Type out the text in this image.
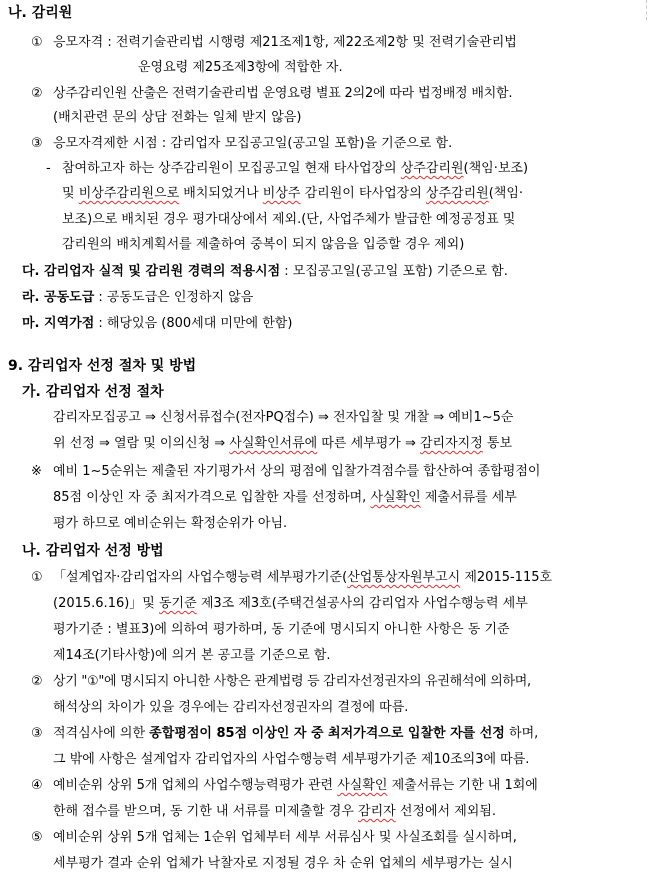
나. 감리원
① 응모자격 : 전력기술관리법 시행령 제21조제1항, 제22조제2항 및 전력기술관리법
운영요령 제25조제3항에 적합한 자.
② 상주감리인원 산출은 전력기술관리법 운영요령 별표 2의2에 따라 법정배정 배치함.
(배치관련 문의 상담 전화는 일체 받지 않음)
③ 응모자격제한 시점 : 감리업자 모집공고일(공고일 포함)을 기준으로 함.
- 참여하고자 하는 상주감리원이 모집공고일 현재 타사업장의 상주감리원(책임·보조)
및 비상주감리원으로 배치되었거나 비상주 감리원이 타사업장의 상주감리원(책임·
보조)으로 배치된 경우 평가대상에서 제외.(단, 사업주체가 발급한 예정공정표 및
감리원의 배치계획서를 제출하여 중복이 되지 않음을 입증할 경우 제외)
다. 감리업자 실적 및 감리원 경력의 적용시점 : 모집공고일(공고일 포함) 기준으로 함.
라. 공동도급 : 공동도급은 인정하지 않음
마. 지역가점 : 해당있음 (800세대 미만에 한함)
9. 감리업자 선정 절차 및 방법
가. 감리업자 선정 절차
감리자모집공고 ⇒ 신청서류접수(전자PQ접수) ⇒ 전자입찰 및 개찰 ⇒ 예비1~5순
위 선정 ⇒ 열람 및 이의신청 ⇒ 사실확인서류에 따른 세부평가 ⇒ 감리자지정 통보
※ 예비 1~5순위는 제출된 자기평가서 상의 평점에 입찰가격점수를 합산하여 종합평점이
85점 이상인 자 중 최저가격으로 입찰한 자를 선정하며, 사실확인 제출서류를 세부
평가 하므로 예비순위는 확정순위가 아님.
나. 감리업자 선정 방법
① 「설계업자·감리업자의 사업수행능력 세부평가기준(산업통상자원부고시 제2015-115호
(2015.6.16)」및 동기준 제3조 제3호(주택건설공사의 감리업자 사업수행능력 세부
평가기준 : 별표3)에 의하여 평가하며, 동 기준에 명시되지 아니한 사항은 동 기준
제14조(기타사항)에 의거 본 공고를 기준으로 함.
② 상기 "①"에 명시되지 아니한 사항은 관계법령 등 감리자선정권자의 유권해석에 의하며,
해석상의 차이가 있을 경우에는 감리자선정권자의 결정에 따름.
③ 적격심사에 의한 종합평점이 85점 이상인 자 중 최저가격으로 입찰한 자를 선정 하며,
그 밖에 사항은 설계업자 감리업자의 사업수행능력 세부평가기준 제10조의3에 따름.
④ 예비순위 상위 5개 업체의 사업수행능력평가 관련 사실확인 제출서류는 기한 내 1회에
한해 접수를 받으며, 동 기한 내 서류를 미제출할 경우 감리자 선정에서 제외됨.
⑤ 예비순위 상위 5개 업체는 1순위 업체부터 세부 서류심사 및 사실조회를 실시하며,
세부평가 결과 순위 업체가 낙찰자로 지정될 경우 차 순위 업체의 세부평가는 실시
